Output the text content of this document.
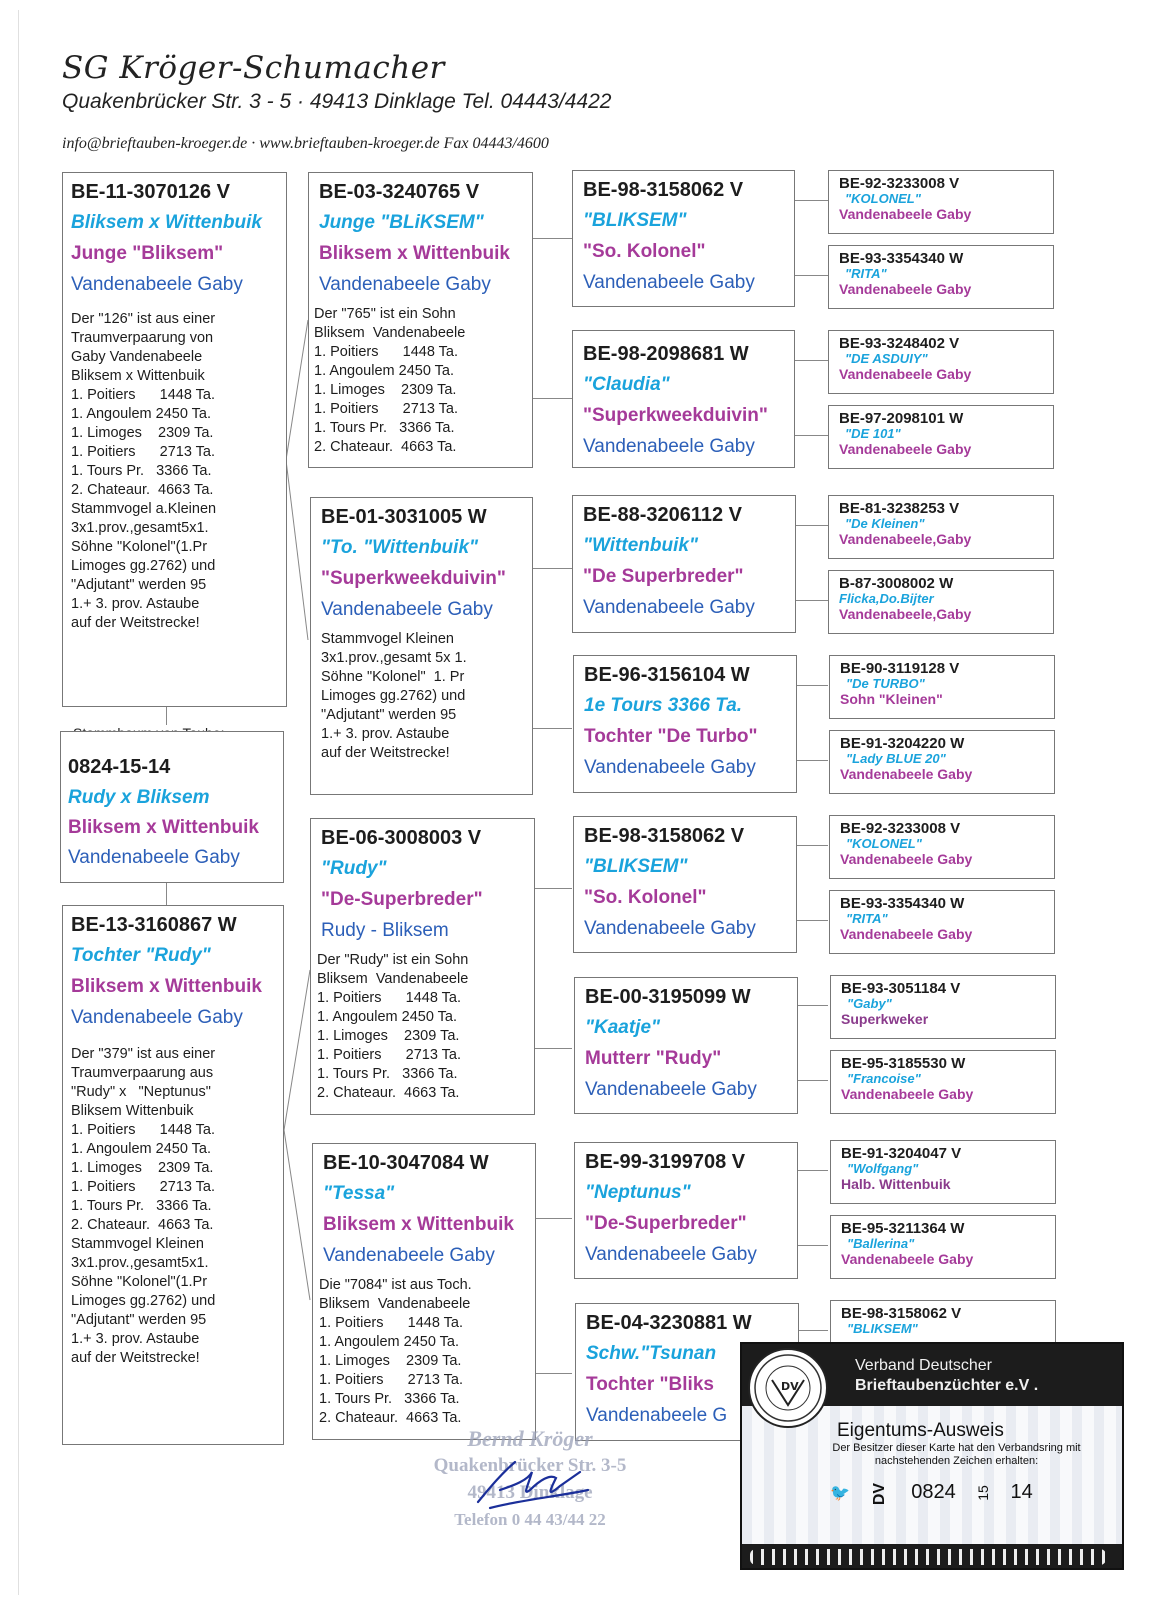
SG Kröger-Schumacher
Quakenbrücker Str. 3 - 5 · 49413 Dinklage Tel. 04443/4422
info@brieftauben-kroeger.de · www.brieftauben-kroeger.de Fax 04443/4600
BE-11-3070126 V
Bliksem x Wittenbuik
Junge "Bliksem"
Vandenabeele Gaby
Der "126" ist aus einer
Traumverpaarung von
Gaby Vandenabeele
Bliksem x Wittenbuik
1. Poitiers      1448 Ta.
1. Angoulem 2450 Ta.
1. Limoges    2309 Ta.
1. Poitiers      2713 Ta.
1. Tours Pr.   3366 Ta.
2. Chateaur.  4663 Ta.
Stammvogel a.Kleinen
3x1.prov.,gesamt5x1.
Söhne "Kolonel"(1.Pr
Limoges gg.2762) und
"Adjutant" werden 95
1.+ 3. prov. Astaube
auf der Weitstrecke!
0824-15-14
Rudy x Bliksem
Bliksem x Wittenbuik
Vandenabeele Gaby
BE-13-3160867 W
Tochter "Rudy"
Bliksem x Wittenbuik
Vandenabeele Gaby
Der "379" ist aus einer
Traumverpaarung aus
"Rudy" x   "Neptunus"
Bliksem Wittenbuik
1. Poitiers      1448 Ta.
1. Angoulem 2450 Ta.
1. Limoges    2309 Ta.
1. Poitiers      2713 Ta.
1. Tours Pr.   3366 Ta.
2. Chateaur.  4663 Ta.
Stammvogel Kleinen
3x1.prov.,gesamt5x1.
Söhne "Kolonel"(1.Pr
Limoges gg.2762) und
"Adjutant" werden 95
1.+ 3. prov. Astaube
auf der Weitstrecke!
BE-03-3240765 V
Junge "BLiKSEM"
Bliksem x Wittenbuik
Vandenabeele Gaby
Der "765" ist ein Sohn
Bliksem  Vandenabeele
1. Poitiers      1448 Ta.
1. Angoulem 2450 Ta.
1. Limoges    2309 Ta.
1. Poitiers      2713 Ta.
1. Tours Pr.   3366 Ta.
2. Chateaur.  4663 Ta.
BE-01-3031005 W
"To. "Wittenbuik"
"Superkweekduivin"
Vandenabeele Gaby
Stammvogel Kleinen
3x1.prov.,gesamt 5x 1.
Söhne "Kolonel"  1. Pr
Limoges gg.2762) und
"Adjutant" werden 95
1.+ 3. prov. Astaube
auf der Weitstrecke!
BE-06-3008003 V
"Rudy"
"De-Superbreder"
Rudy - Bliksem
Der "Rudy" ist ein Sohn
Bliksem  Vandenabeele
1. Poitiers      1448 Ta.
1. Angoulem 2450 Ta.
1. Limoges    2309 Ta.
1. Poitiers      2713 Ta.
1. Tours Pr.   3366 Ta.
2. Chateaur.  4663 Ta.
BE-10-3047084 W
"Tessa"
Bliksem x Wittenbuik
Vandenabeele Gaby
Die "7084" ist aus Toch.
Bliksem  Vandenabeele
1. Poitiers      1448 Ta.
1. Angoulem 2450 Ta.
1. Limoges    2309 Ta.
1. Poitiers      2713 Ta.
1. Tours Pr.   3366 Ta.
2. Chateaur.  4663 Ta.
BE-98-3158062 V
"BLIKSEM"
"So. Kolonel"
Vandenabeele Gaby
BE-98-2098681 W
"Claudia"
"Superkweekduivin"
Vandenabeele Gaby
BE-88-3206112 V
"Wittenbuik"
"De Superbreder"
Vandenabeele Gaby
BE-96-3156104 W
1e Tours 3366 Ta.
Tochter "De Turbo"
Vandenabeele Gaby
BE-98-3158062 V
"BLIKSEM"
"So. Kolonel"
Vandenabeele Gaby
BE-00-3195099 W
"Kaatje"
Mutterr "Rudy"
Vandenabeele Gaby
BE-99-3199708 V
"Neptunus"
"De-Superbreder"
Vandenabeele Gaby
BE-04-3230881 W
Schw."Tsunan
Tochter "Bliks
Vandenabeele G
BE-92-3233008 V
"KOLONEL"
Vandenabeele Gaby
BE-93-3354340 W
"RITA"
Vandenabeele Gaby
BE-93-3248402 V
"DE ASDUIY"
Vandenabeele Gaby
BE-97-2098101 W
"DE 101"
Vandenabeele Gaby
BE-81-3238253 V
"De Kleinen"
Vandenabeele,Gaby
B-87-3008002 W
Flicka,Do.Bijter
Vandenabeele,Gaby
BE-90-3119128 V
"De TURBO"
Sohn "Kleinen"
BE-91-3204220 W
"Lady BLUE 20"
Vandenabeele Gaby
BE-92-3233008 V
"KOLONEL"
Vandenabeele Gaby
BE-93-3354340 W
"RITA"
Vandenabeele Gaby
BE-93-3051184 V
"Gaby"
Superkweker
BE-95-3185530 W
"Francoise"
Vandenabeele Gaby
BE-91-3204047 V
"Wolfgang"
Halb. Wittenbuik
BE-95-3211364 W
"Ballerina"
Vandenabeele Gaby
BE-98-3158062 V
"BLIKSEM"
Bernd Kröger
Quakenbrücker Str. 3-5
49413 Dinklage
Telefon 0 44 43/44 22
DV
Verband Deutscher
Brieftaubenzüchter e.V .
Eigentums-Ausweis
Der Besitzer dieser Karte hat den Verbandsring mit nachstehenden Zeichen erhalten:
🐦 DV 0824 15 14
